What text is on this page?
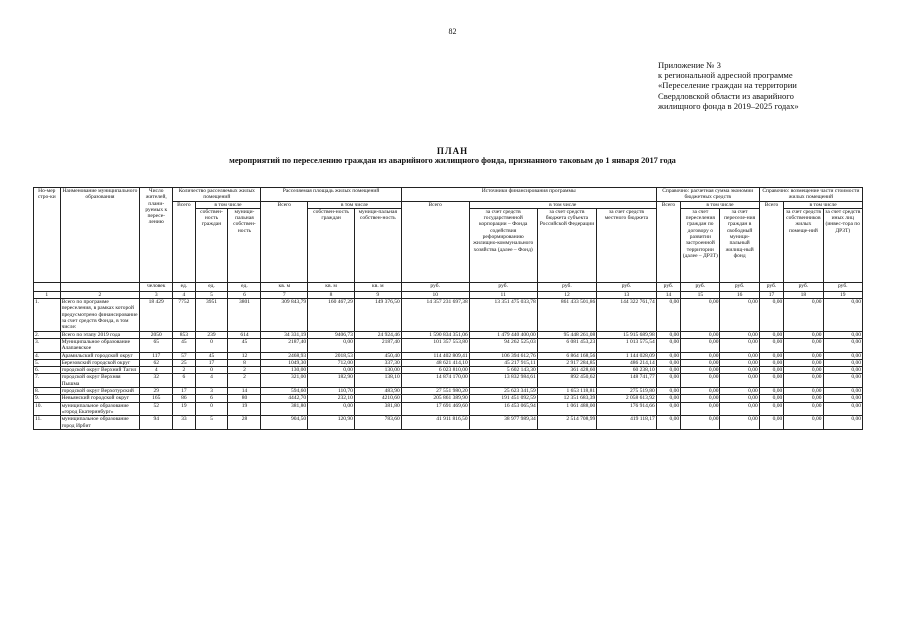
82
Приложение № 3
к региональной адресной программе
«Переселение граждан на территории
Свердловской области из аварийного
жилищного фонда в 2019–2025 годах»
ПЛАН
мероприятий по переселению граждан из аварийного жилищного фонда, признанного таковым до 1 января 2017 года
Но-мер стро-ки	Наименование муниципального образования	Число жителей, плани-руемых к пересе-лению	Количество расселяемых жилых помещений			Расселяемая площадь жилых помещений			Источники финансирования программы				Справочно: расчетная сумма экономии бюджетных средств			Справочно: возмещение части стоимости жилых помещений		
			Всего	в том числе		Всего	в том числе		Всего	в том числе			Всего	в том числе		Всего	в том числе	
				собствен-ность граждан	муници-пальная собствен-ность		собствен-ность граждан	муници-пальная собствен-ность		за счет средств государственной корпорации – Фонда содействия реформированию жилищно-коммунального хозяйства (далее – Фонд)	за счет средств бюджета субъекта Российской Федерации	за счет средств местного бюджета		за счет переселения граждан по договору о развитии застроенной территории (далее – ДРЗТ)	за счет переселе-ния граждан в свободный муници-пальный жилищ-ный фонд		за счет средств собственников жилых помеще-ний	за счет средств иных лиц (инвес-тора по ДРЗТ)
		человек	ед.	ед.	ед.	кв. м	кв. м	кв. м	руб.	руб.	руб.	руб.	руб.	руб.	руб.	руб.	руб.	руб.
1	2	3	4	5	6	7	8	9	10	11	12	13	14	15	16	17	18	19
1.	Всего по программе переселения, в рамках которой предусмотрено финансирование за счет средств Фонда, в том числе:	18 429	7752	3951	3801	309 843,79	160 467,29	149 376,50	14 357 231 697,38	13 351 475 033,78	861 433 501,86	144 322 761,74	0,00	0,00	0,00	0,00	0,00	0,00
2.	Всего по этапу 2019 года	2050	853	239	614	34 331,19	9406,73	24 924,46	1 590 834 351,06	1 479 440 400,00	95 448 261,08	15 915 689,98	0,00	0,00	0,00	0,00	0,00	0,00
3.	Муниципальное образование Алапаевское	65	45	0	45	2187,40	0,00	2187,40	101 357 553,80	94 262 525,03	6 081 453,23	1 013 575,54	0,00	0,00	0,00	0,00	0,00	0,00
4.	Арамильский городской округ	117	57	45	12	2468,93	2018,53	450,40	114 402 809,41	106 394 612,76	6 864 168,56	1 144 028,09	0,00	0,00	0,00	0,00	0,00	0,00
5.	Березовский городской округ	62	25	17	8	1049,30	712,00	337,30	48 621 414,10	45 217 915,11	2 917 284,85	486 214,14	0,00	0,00	0,00	0,00	0,00	0,00
6.	городской округ Верхний Тагил	4	2	0	2	130,00	0,00	130,00	6 023 810,00	5 602 143,30	361 428,60	60 238,10	0,00	0,00	0,00	0,00	0,00	0,00
7.	городской округ Верхняя Пышма	32	6	4	2	321,00	182,90	138,10	14 874 170,00	13 832 984,61	892 450,62	148 741,77	0,00	0,00	0,00	0,00	0,00	0,00
8.	городской округ Верхотурский	29	17	3	14	594,60	110,70	483,90	27 551 980,20	25 623 341,59	1 653 118,81	275 519,80	0,00	0,00	0,00	0,00	0,00	0,00
9.	Невьянский городской округ	165	86	6	80	4442,70	232,10	4210,60	205 861 389,90	191 451 092,59	12 351 683,39	2 058 613,92	0,00	0,00	0,00	0,00	0,00	0,00
10.	муниципальное образование «город Екатеринбург»	52	19	0	19	381,80	0,00	381,80	17 691 469,60	16 453 065,94	1 061 488,00	176 914,66	0,00	0,00	0,00	0,00	0,00	0,00
11.	муниципальное образование город Ирбит	94	33	5	28	904,50	120,90	783,60	41 911 816,50	38 977 989,34	2 514 708,99	419 118,17	0,00	0,00	0,00	0,00	0,00	0,00
